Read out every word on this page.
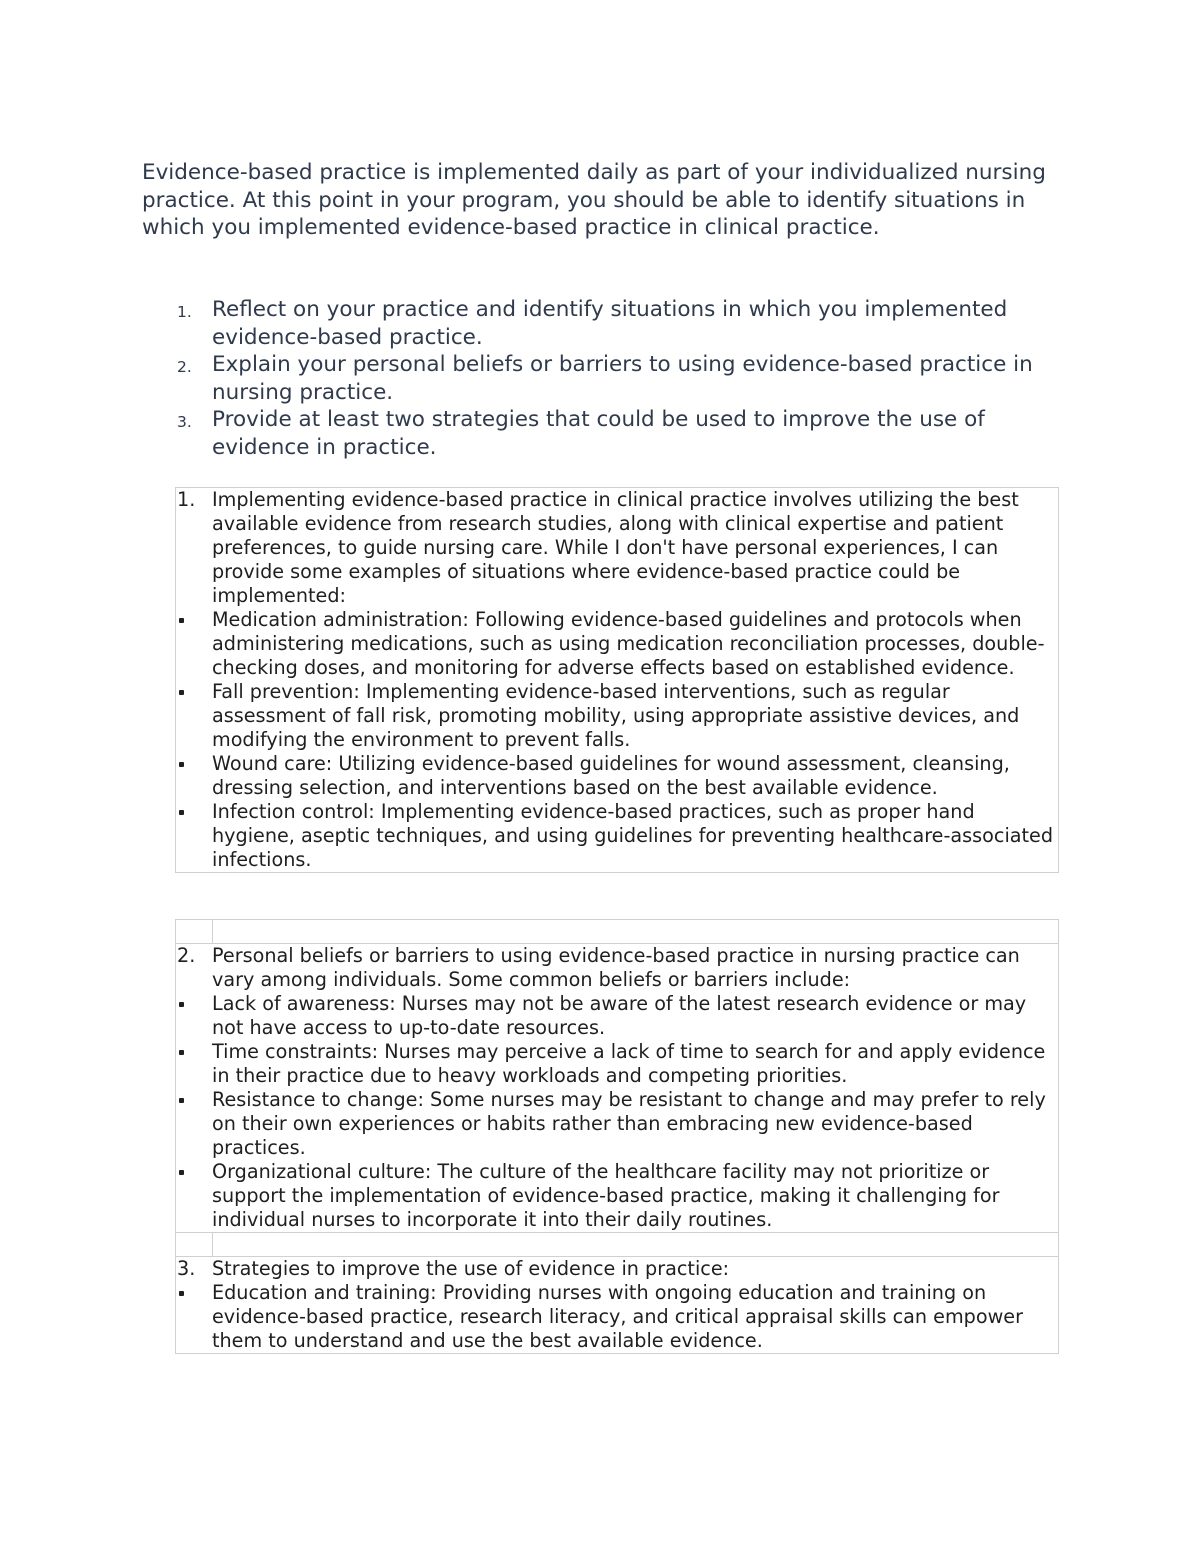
Evidence-based practice is implemented daily as part of your individualized nursing practice. At this point in your program, you should be able to identify situations in which you implemented evidence-based practice in clinical practice.

1. Reflect on your practice and identify situations in which you implemented evidence-based practice.
2. Explain your personal beliefs or barriers to using evidence-based practice in nursing practice.
3. Provide at least two strategies that could be used to improve the use of evidence in practice.
1. Implementing evidence-based practice in clinical practice involves utilizing the best available evidence from research studies, along with clinical expertise and patient preferences, to guide nursing care. While I don't have personal experiences, I can provide some examples of situations where evidence-based practice could be implemented:
Medication administration: Following evidence-based guidelines and protocols when administering medications, such as using medication reconciliation processes, double-checking doses, and monitoring for adverse effects based on established evidence.
Fall prevention: Implementing evidence-based interventions, such as regular assessment of fall risk, promoting mobility, using appropriate assistive devices, and modifying the environment to prevent falls.
Wound care: Utilizing evidence-based guidelines for wound assessment, cleansing, dressing selection, and interventions based on the best available evidence.
Infection control: Implementing evidence-based practices, such as proper hand hygiene, aseptic techniques, and using guidelines for preventing healthcare-associated infections.
2. Personal beliefs or barriers to using evidence-based practice in nursing practice can vary among individuals. Some common beliefs or barriers include:
Lack of awareness: Nurses may not be aware of the latest research evidence or may not have access to up-to-date resources.
Time constraints: Nurses may perceive a lack of time to search for and apply evidence in their practice due to heavy workloads and competing priorities.
Resistance to change: Some nurses may be resistant to change and may prefer to rely on their own experiences or habits rather than embracing new evidence-based practices.
Organizational culture: The culture of the healthcare facility may not prioritize or support the implementation of evidence-based practice, making it challenging for individual nurses to incorporate it into their daily routines.
3. Strategies to improve the use of evidence in practice:
Education and training: Providing nurses with ongoing education and training on evidence-based practice, research literacy, and critical appraisal skills can empower them to understand and use the best available evidence.
